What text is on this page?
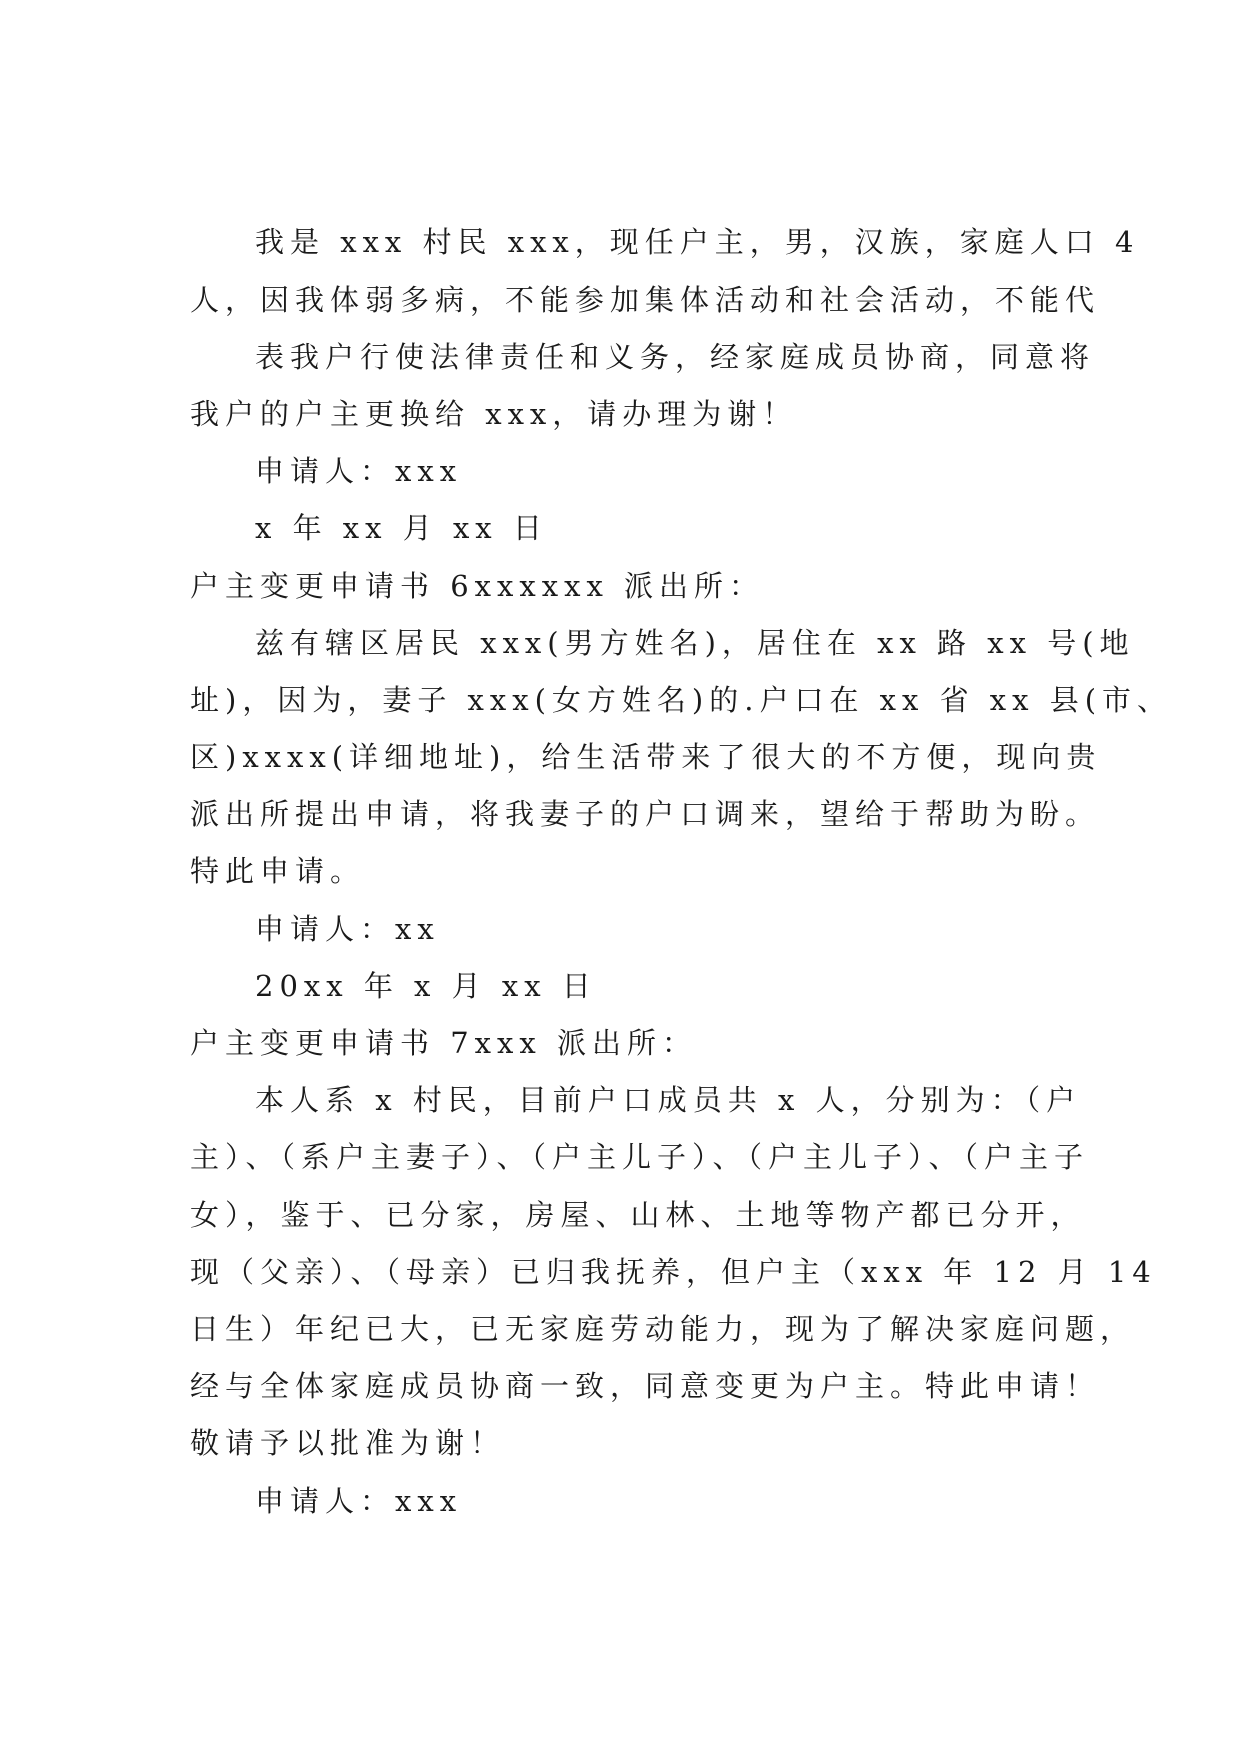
我是 xxx 村民 xxx，现任户主，男，汉族，家庭人口 4
人，因我体弱多病，不能参加集体活动和社会活动，不能代
表我户行使法律责任和义务，经家庭成员协商，同意将
我户的户主更换给 xxx，请办理为谢！
申请人：xxx
x 年 xx 月 xx 日
户主变更申请书 6xxxxxx 派出所：
兹有辖区居民 xxx(男方姓名)，居住在 xx 路 xx 号(地
址)，因为，妻子 xxx(女方姓名)的.户口在 xx 省 xx 县(市、
区)xxxx(详细地址)，给生活带来了很大的不方便，现向贵
派出所提出申请，将我妻子的户口调来，望给于帮助为盼。
特此申请。
申请人：xx
20xx 年 x 月 xx 日
户主变更申请书 7xxx 派出所：
本人系 x 村民，目前户口成员共 x 人，分别为：（户
主）、（系户主妻子）、（户主儿子）、（户主儿子）、（户主子
女），鉴于、已分家，房屋、山林、土地等物产都已分开，
现（父亲）、（母亲）已归我抚养，但户主（xxx 年 12 月 14
日生）年纪已大，已无家庭劳动能力，现为了解决家庭问题，
经与全体家庭成员协商一致，同意变更为户主。特此申请！
敬请予以批准为谢！
申请人：xxx
